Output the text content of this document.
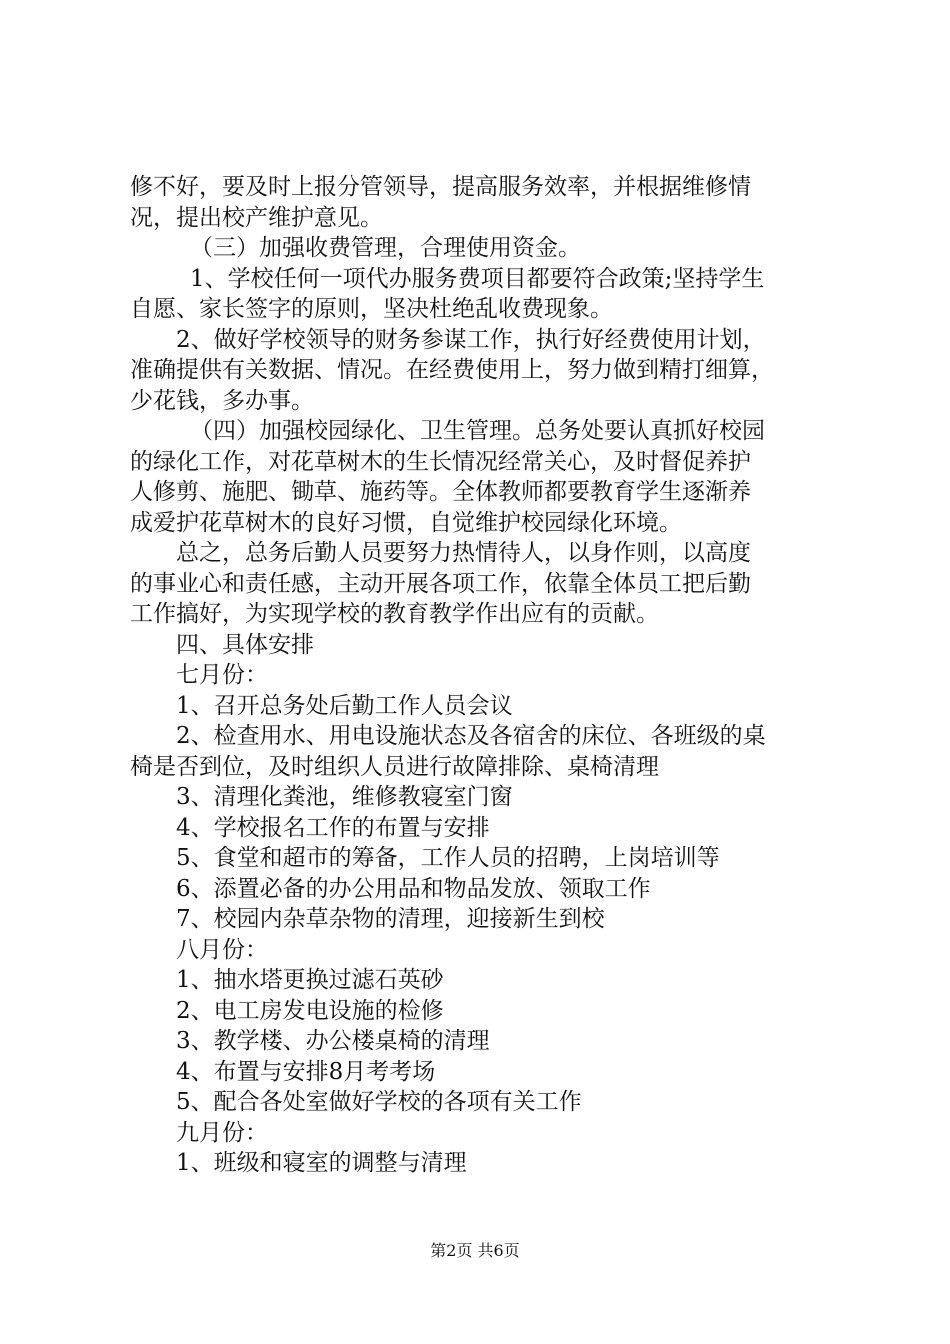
修不好，要及时上报分管领导，提高服务效率，并根据维修情
况，提出校产维护意见。
（三）加强收费管理，合理使用资金。
1、学校任何一项代办服务费项目都要符合政策;坚持学生
自愿、家长签字的原则，坚决杜绝乱收费现象。
2、做好学校领导的财务参谋工作，执行好经费使用计划，
准确提供有关数据、情况。在经费使用上，努力做到精打细算，
少花钱，多办事。
（四）加强校园绿化、卫生管理。总务处要认真抓好校园
的绿化工作，对花草树木的生长情况经常关心，及时督促养护
人修剪、施肥、锄草、施药等。全体教师都要教育学生逐渐养
成爱护花草树木的良好习惯，自觉维护校园绿化环境。
总之，总务后勤人员要努力热情待人，以身作则，以高度
的事业心和责任感，主动开展各项工作，依靠全体员工把后勤
工作搞好，为实现学校的教育教学作出应有的贡献。
四、具体安排
七月份：
1、召开总务处后勤工作人员会议
2、检查用水、用电设施状态及各宿舍的床位、各班级的桌
椅是否到位，及时组织人员进行故障排除、桌椅清理
3、清理化粪池，维修教寝室门窗
4、学校报名工作的布置与安排
5、食堂和超市的筹备，工作人员的招聘，上岗培训等
6、添置必备的办公用品和物品发放、领取工作
7、校园内杂草杂物的清理，迎接新生到校
八月份：
1、抽水塔更换过滤石英砂
2、电工房发电设施的检修
3、教学楼、办公楼桌椅的清理
4、布置与安排8月考考场
5、配合各处室做好学校的各项有关工作
九月份：
1、班级和寝室的调整与清理
第2页 共6页
